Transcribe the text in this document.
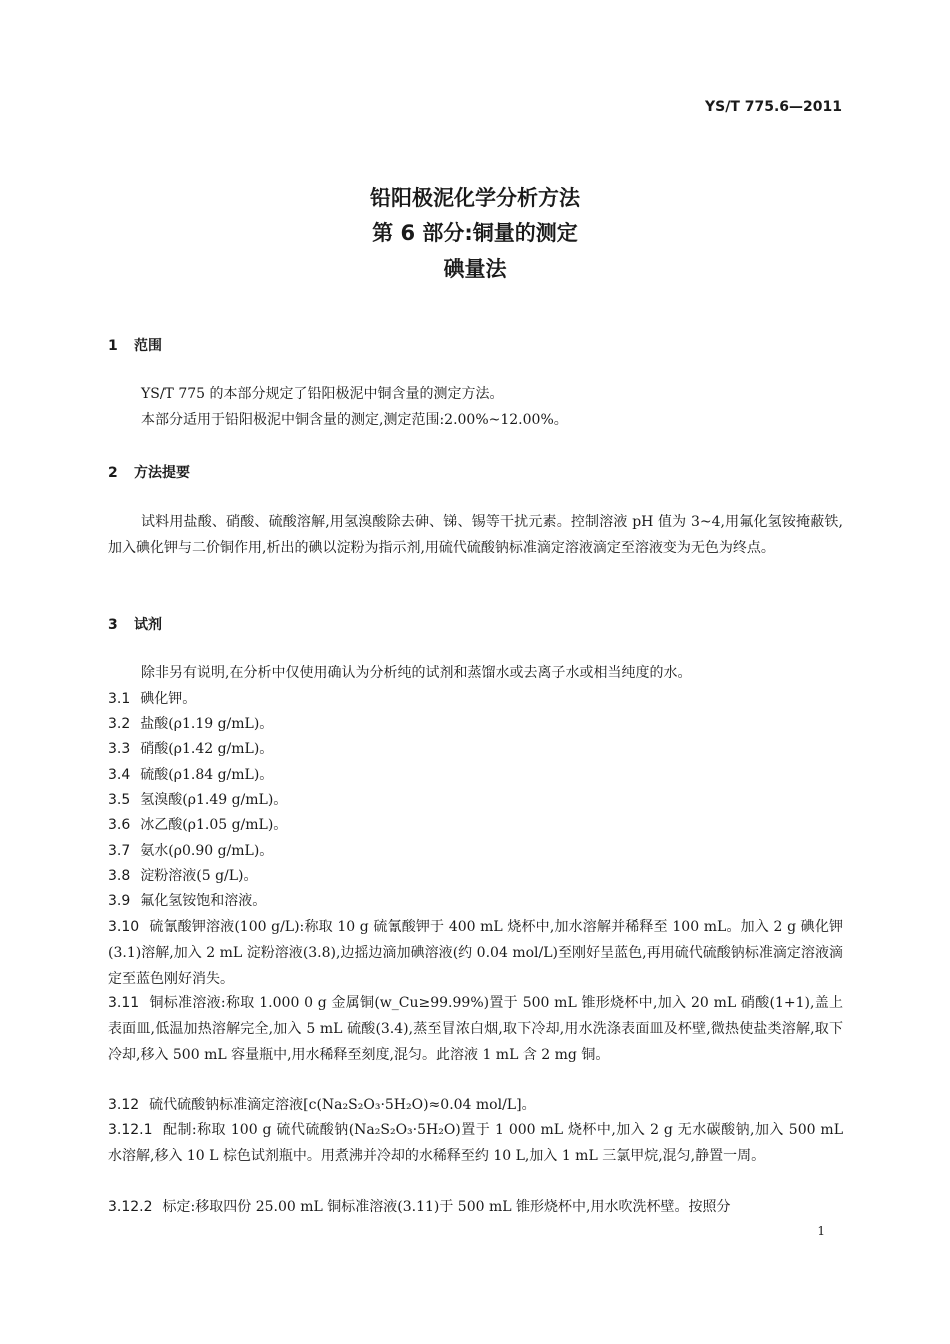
YS/T 775.6—2011
铅阳极泥化学分析方法
第 6 部分:铜量的测定
碘量法
1 范围

YS/T 775 的本部分规定了铅阳极泥中铜含量的测定方法。

本部分适用于铅阳极泥中铜含量的测定,测定范围:2.00%~12.00%。

2 方法提要

试料用盐酸、硝酸、硫酸溶解,用氢溴酸除去砷、锑、锡等干扰元素。控制溶液 pH 值为 3~4,用氟化氢铵掩蔽铁,加入碘化钾与二价铜作用,析出的碘以淀粉为指示剂,用硫代硫酸钠标准滴定溶液滴定至溶液变为无色为终点。

3 试剂

除非另有说明,在分析中仅使用确认为分析纯的试剂和蒸馏水或去离子水或相当纯度的水。

3.1 碘化钾。
3.2 盐酸(ρ1.19 g/mL)。
3.3 硝酸(ρ1.42 g/mL)。
3.4 硫酸(ρ1.84 g/mL)。
3.5 氢溴酸(ρ1.49 g/mL)。
3.6 冰乙酸(ρ1.05 g/mL)。
3.7 氨水(ρ0.90 g/mL)。
3.8 淀粉溶液(5 g/L)。
3.9 氟化氢铵饱和溶液。
3.10 硫氰酸钾溶液(100 g/L):称取 10 g 硫氰酸钾于 400 mL 烧杯中,加水溶解并稀释至 100 mL。加入 2 g 碘化钾(3.1)溶解,加入 2 mL 淀粉溶液(3.8),边摇边滴加碘溶液(约 0.04 mol/L)至刚好呈蓝色,再用硫代硫酸钠标准滴定溶液滴定至蓝色刚好消失。
3.11 铜标准溶液:称取 1.000 0 g 金属铜(w_Cu≥99.99%)置于 500 mL 锥形烧杯中,加入 20 mL 硝酸(1+1),盖上表面皿,低温加热溶解完全,加入 5 mL 硫酸(3.4),蒸至冒浓白烟,取下冷却,用水洗涤表面皿及杯壁,微热使盐类溶解,取下冷却,移入 500 mL 容量瓶中,用水稀释至刻度,混匀。此溶液 1 mL 含 2 mg 铜。
3.12 硫代硫酸钠标准滴定溶液[c(Na₂S₂O₃·5H₂O)≈0.04 mol/L]。
3.12.1 配制:称取 100 g 硫代硫酸钠(Na₂S₂O₃·5H₂O)置于 1 000 mL 烧杯中,加入 2 g 无水碳酸钠,加入 500 mL 水溶解,移入 10 L 棕色试剂瓶中。用煮沸并冷却的水稀释至约 10 L,加入 1 mL 三氯甲烷,混匀,静置一周。
3.12.2 标定:移取四份 25.00 mL 铜标准溶液(3.11)于 500 mL 锥形烧杯中,用水吹洗杯壁。按照分
1
